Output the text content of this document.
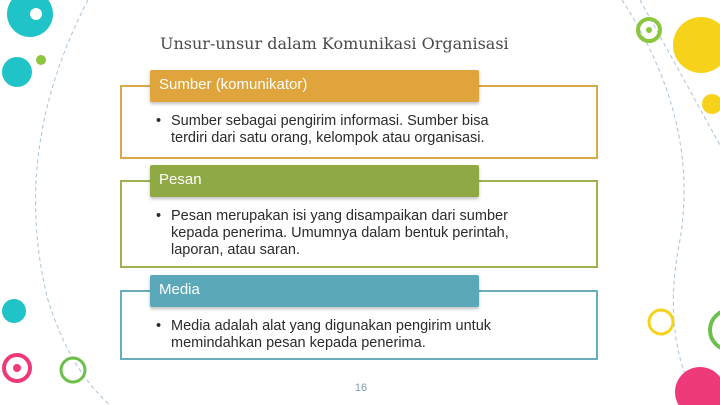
Unsur-unsur dalam Komunikasi Organisasi
Sumber (komunikator)
• Sumber sebagai pengirim informasi. Sumber bisa
terdiri dari satu orang, kelompok atau organisasi.
Pesan
• Pesan merupakan isi yang disampaikan dari sumber
kepada penerima. Umumnya dalam bentuk perintah,
laporan, atau saran.
Media
• Media adalah alat yang digunakan pengirim untuk
memindahkan pesan kepada penerima.
16
